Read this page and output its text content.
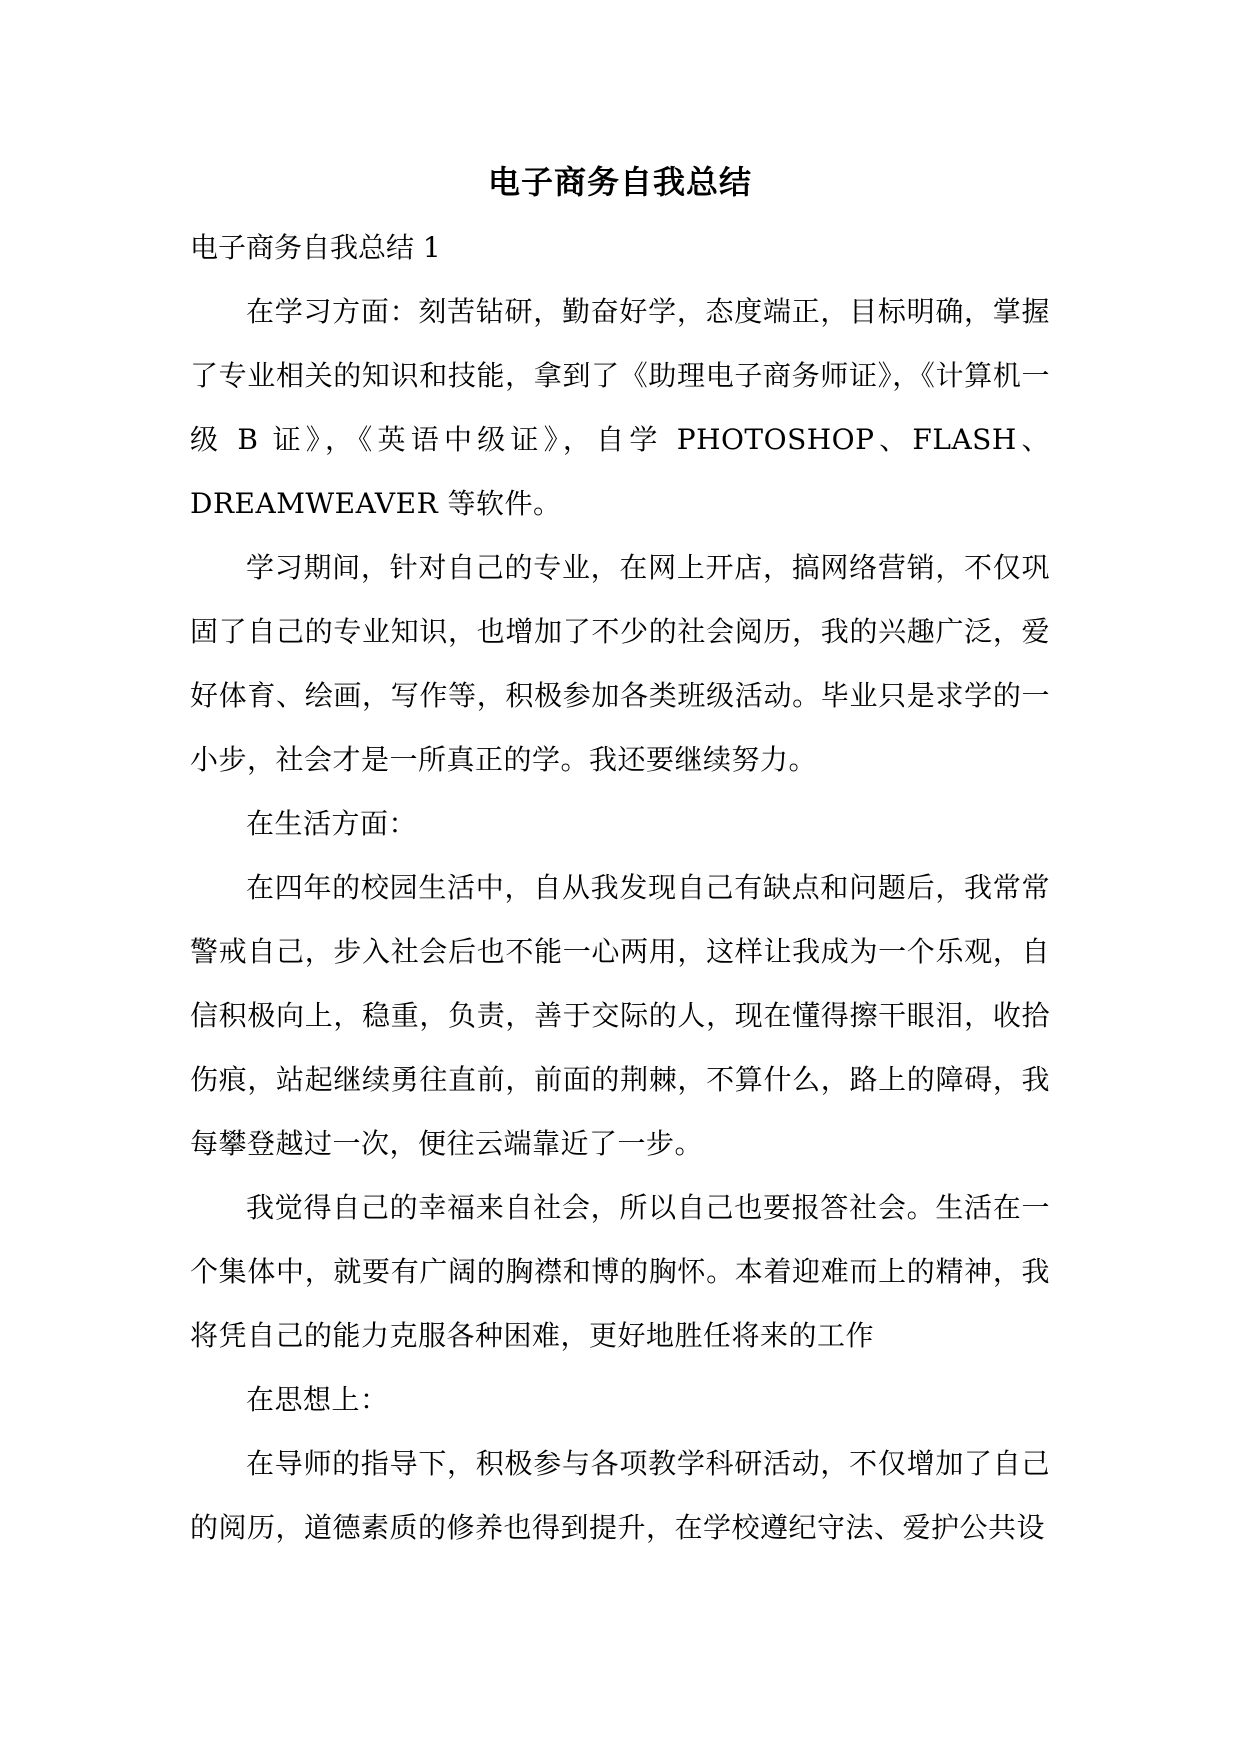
电子商务自我总结

电子商务自我总结 1

在学习方面：刻苦钻研，勤奋好学，态度端正，目标明确，掌握了专业相关的知识和技能，拿到了《助理电子商务师证》，《计算机一级 B 证》，《英语中级证》，自学 PHOTOSHOP、FLASH、DREAMWEAVER 等软件。

学习期间，针对自己的专业，在网上开店，搞网络营销，不仅巩固了自己的专业知识，也增加了不少的社会阅历，我的兴趣广泛，爱好体育、绘画，写作等，积极参加各类班级活动。毕业只是求学的一小步，社会才是一所真正的学。我还要继续努力。

在生活方面：

在四年的校园生活中，自从我发现自己有缺点和问题后，我常常警戒自己，步入社会后也不能一心两用，这样让我成为一个乐观，自信积极向上，稳重，负责，善于交际的人，现在懂得擦干眼泪，收拾伤痕，站起继续勇往直前，前面的荆棘，不算什么，路上的障碍，我每攀登越过一次，便往云端靠近了一步。

我觉得自己的幸福来自社会，所以自己也要报答社会。生活在一个集体中，就要有广阔的胸襟和博的胸怀。本着迎难而上的精神，我将凭自己的能力克服各种困难，更好地胜任将来的工作

在思想上：

在导师的指导下，积极参与各项教学科研活动，不仅增加了自己的阅历，道德素质的修养也得到提升，在学校遵纪守法、爱护公共设
